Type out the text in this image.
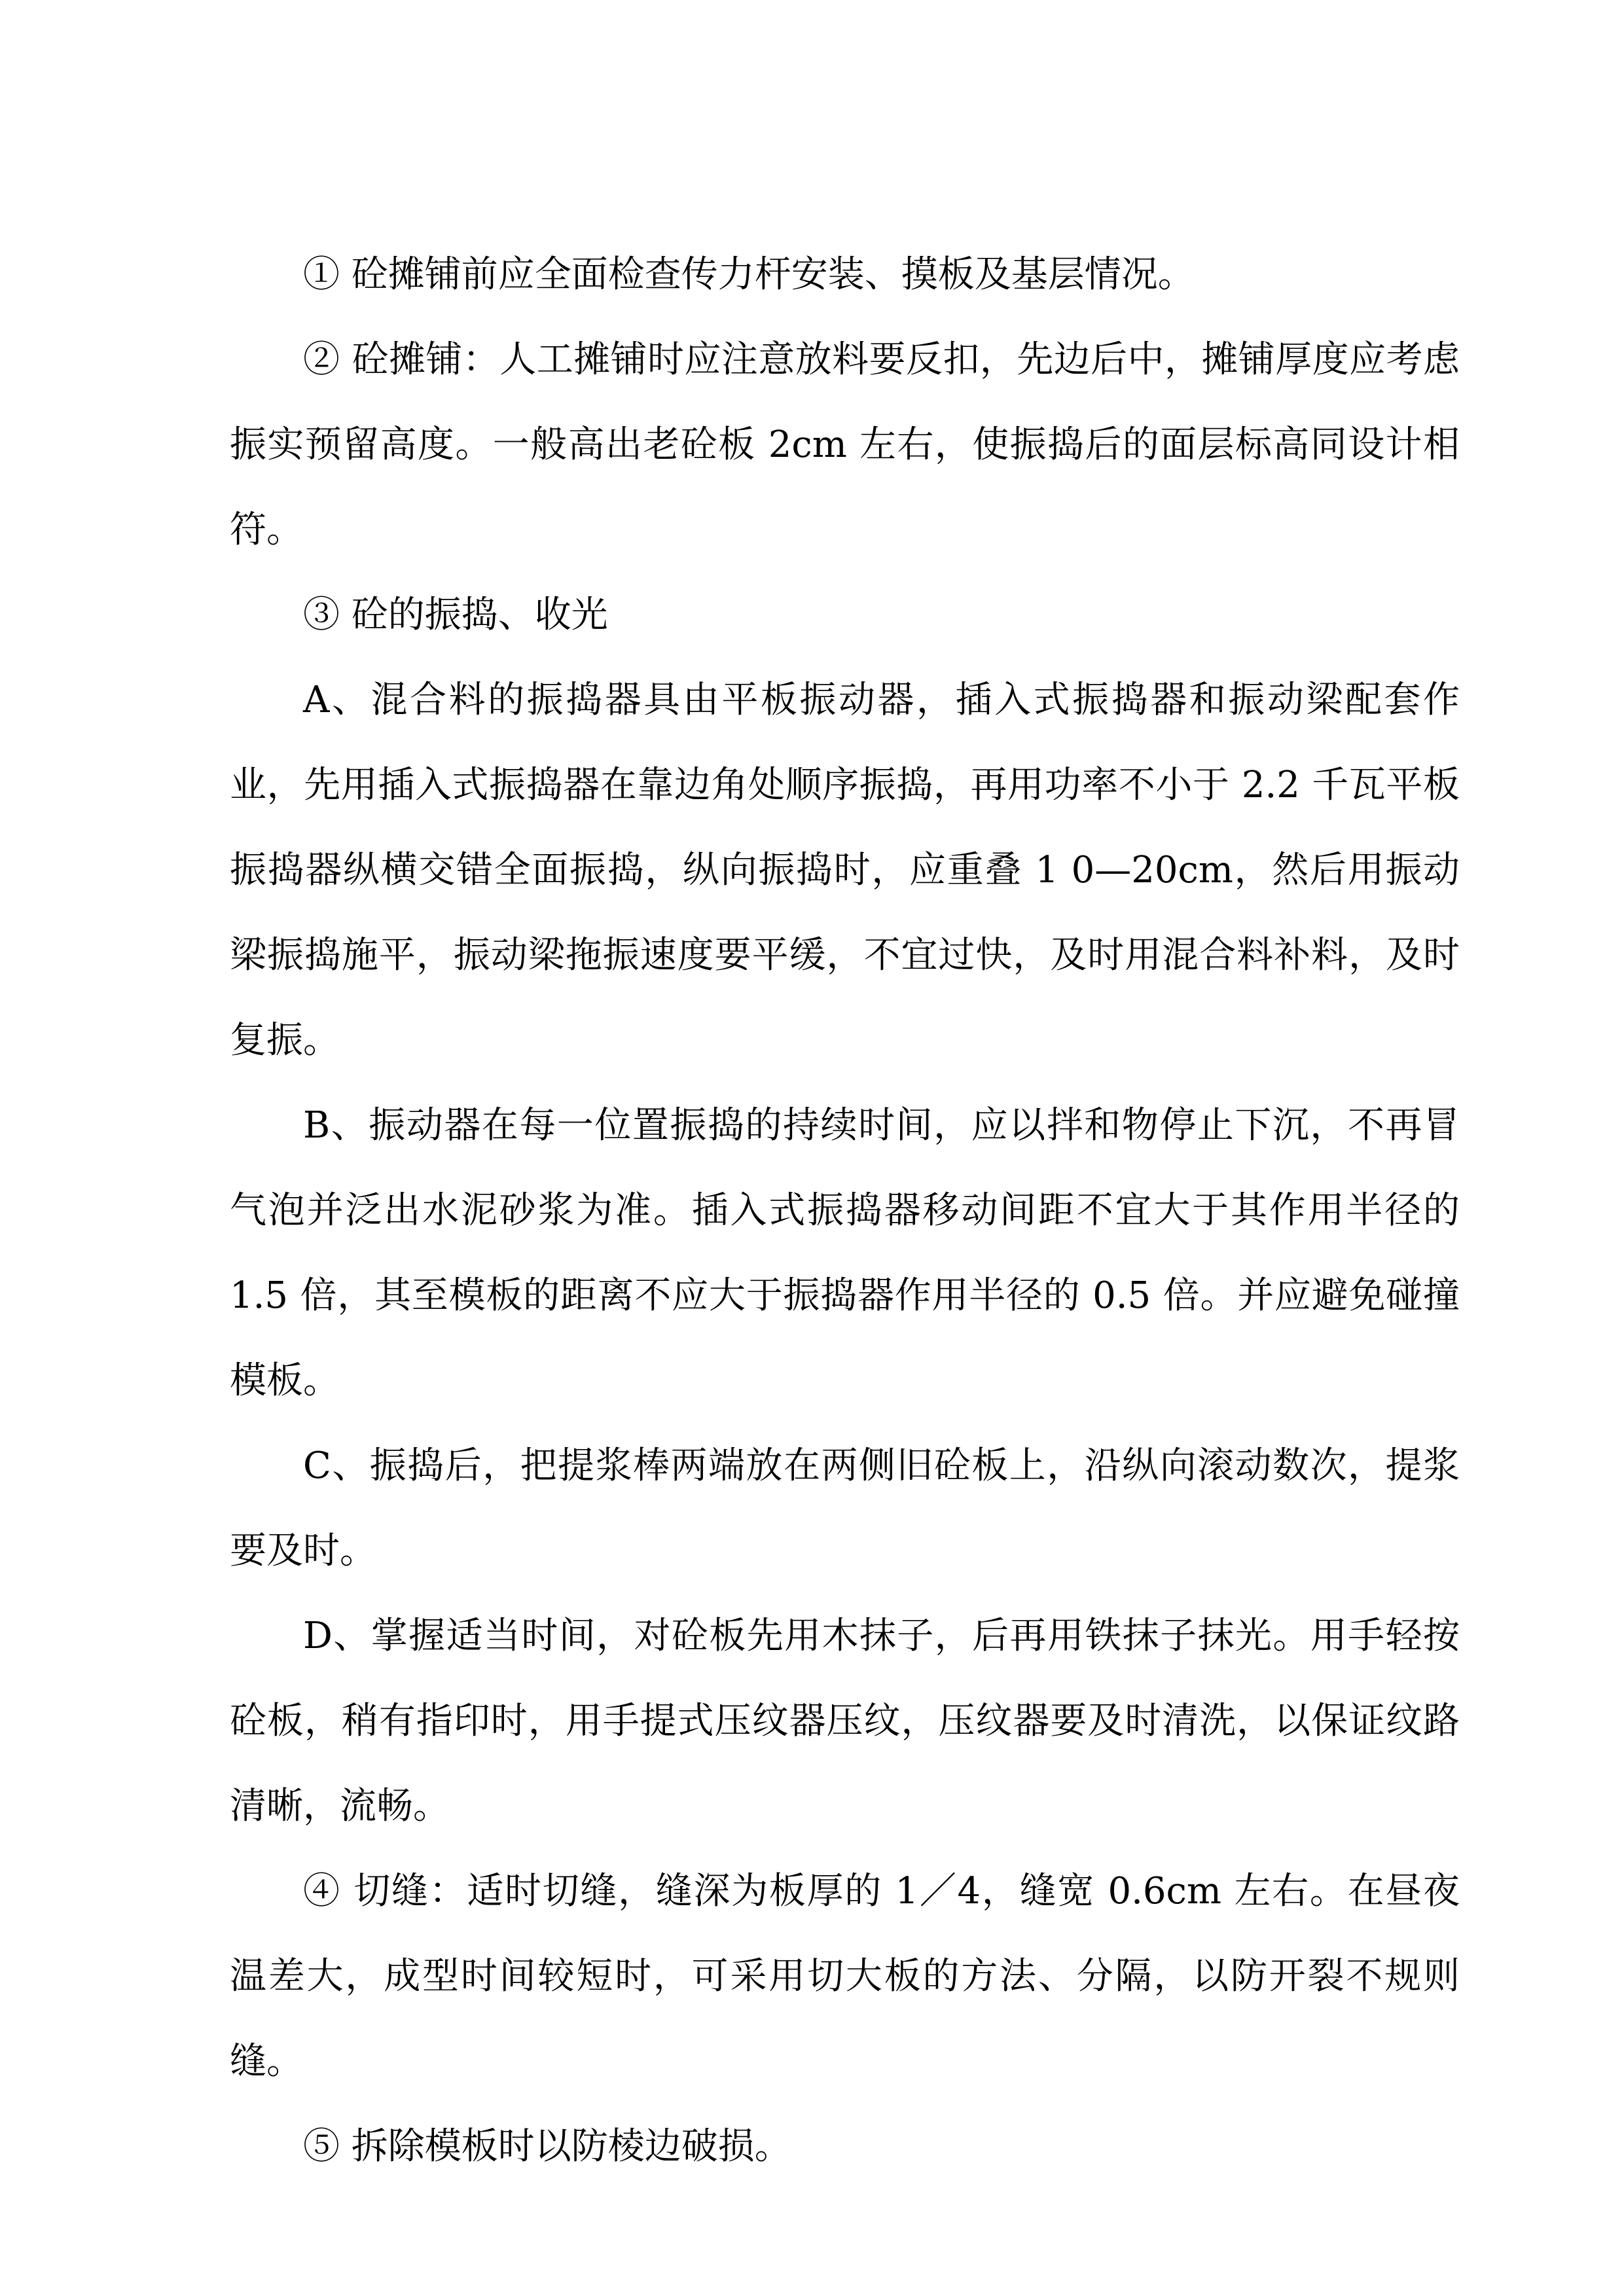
① 砼摊铺前应全面检查传力杆安装、摸板及基层情况。

② 砼摊铺：人工摊铺时应注意放料要反扣，先边后中，摊铺厚度应考虑振实预留高度。一般高出老砼板 2cm 左右，使振捣后的面层标高同设计相符。

③ 砼的振捣、收光

A、混合料的振捣器具由平板振动器，插入式振捣器和振动梁配套作业，先用插入式振捣器在靠边角处顺序振捣，再用功率不小于 2.2 千瓦平板振捣器纵横交错全面振捣，纵向振捣时，应重叠 1 0—20cm，然后用振动梁振捣施平，振动梁拖振速度要平缓，不宜过快，及时用混合料补料，及时复振。

B、振动器在每一位置振捣的持续时间，应以拌和物停止下沉，不再冒气泡并泛出水泥砂浆为准。插入式振捣器移动间距不宜大于其作用半径的 1.5 倍，其至模板的距离不应大于振捣器作用半径的 0.5 倍。并应避免碰撞模板。

C、振捣后，把提浆棒两端放在两侧旧砼板上，沿纵向滚动数次，提浆要及时。

D、掌握适当时间，对砼板先用木抹子，后再用铁抹子抹光。用手轻按砼板，稍有指印时，用手提式压纹器压纹，压纹器要及时清洗，以保证纹路清晰，流畅。

④ 切缝：适时切缝，缝深为板厚的 1／4，缝宽 0.6cm 左右。在昼夜温差大，成型时间较短时，可采用切大板的方法、分隔，以防开裂不规则缝。

⑤ 拆除模板时以防棱边破损。
